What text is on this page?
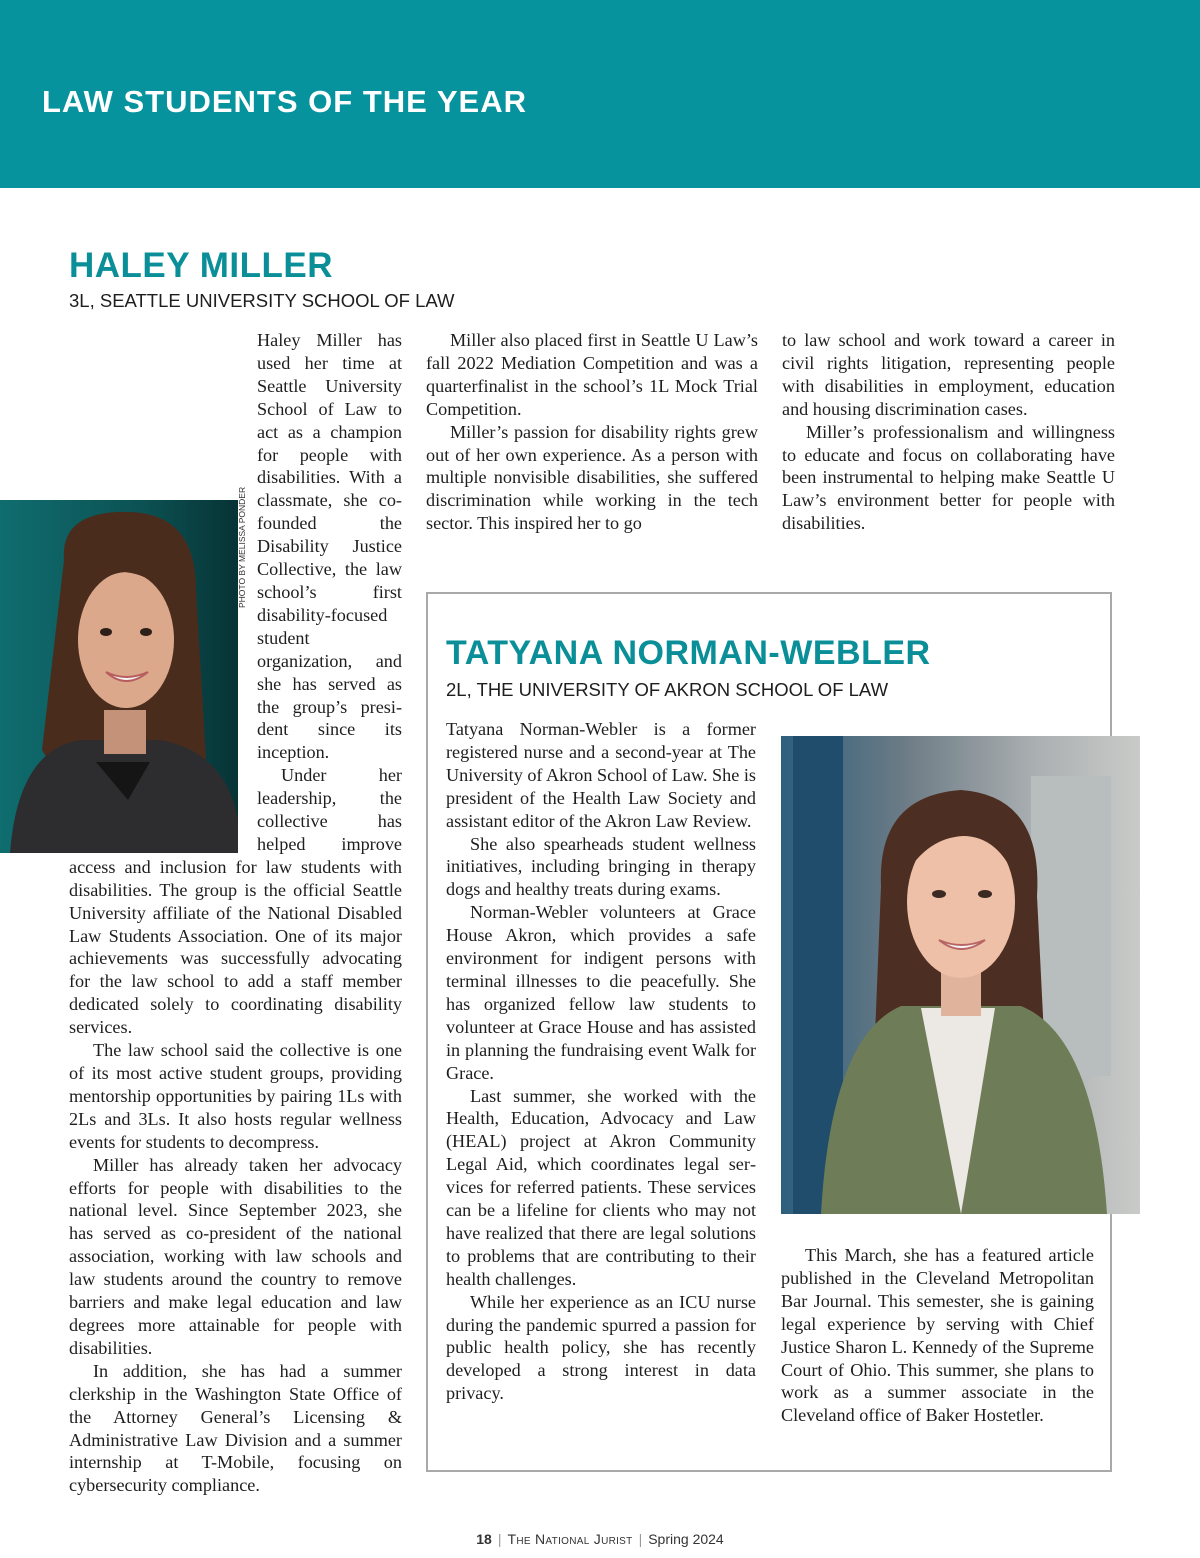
LAW STUDENTS OF THE YEAR
HALEY MILLER
3L, SEATTLE UNIVERSITY SCHOOL OF LAW

Haley Miller has used her time at Seattle University School of Law to act as a champion for people with disabilities. With a classmate, she co-founded the Disability Justice Collective, the law school’s first disability-focused student organization, and she has served as the group’s president since its inception.

Under her leadership, the collective has helped improve access and inclusion for law students with disabilities. The group is the official Seattle University affiliate of the National Disabled Law Students Association. One of its major achievements was successfully advocating for the law school to add a staff member dedicated solely to coordinating disability services.

The law school said the collective is one of its most active student groups, providing mentorship opportunities by pairing 1Ls with 2Ls and 3Ls. It also hosts regular wellness events for students to decompress.

Miller has already taken her advocacy efforts for people with disabilities to the national level. Since September 2023, she has served as co-president of the national association, working with law schools and law students around the country to remove barriers and make legal education and law degrees more attainable for people with disabilities.

In addition, she has had a summer clerkship in the Washington State Office of the Attorney General’s Licensing & Administrative Law Division and a summer internship at T-Mobile, focusing on cybersecurity compliance.

Miller also placed first in Seattle U Law’s fall 2022 Mediation Competition and was a quarterfinalist in the school’s 1L Mock Trial Competition.

Miller’s passion for disability rights grew out of her own experience. As a person with multiple nonvisible disabilities, she suffered discrimination while working in the tech sector. This inspired her to go

to law school and work toward a career in civil rights litigation, representing people with disabilities in employment, education and housing discrimination cases.

Miller’s professionalism and willingness to educate and focus on collaborating have been instrumental to helping make Seattle U Law’s environment better for people with disabilities.

PHOTO BY MELISSA PONDER
TATYANA NORMAN-WEBLER
2L, THE UNIVERSITY OF AKRON SCHOOL OF LAW

Tatyana Norman-Webler is a former registered nurse and a second-year at The University of Akron School of Law. She is president of the Health Law Society and assistant editor of the Akron Law Review.

She also spearheads student wellness initiatives, including bringing in therapy dogs and healthy treats during exams.

Norman-Webler volunteers at Grace House Akron, which provides a safe environment for indigent persons with terminal illnesses to die peacefully. She has organized fellow law students to volunteer at Grace House and has assisted in planning the fundraising event Walk for Grace.

Last summer, she worked with the Health, Education, Advocacy and Law (HEAL) project at Akron Community Legal Aid, which coordinates legal services for referred patients. These services can be a lifeline for clients who may not have realized that there are legal solutions to problems that are contributing to their health challenges.

While her experience as an ICU nurse during the pandemic spurred a passion for public health policy, she has recently developed a strong interest in data privacy.

This March, she has a featured article published in the Cleveland Metropolitan Bar Journal. This semester, she is gaining legal experience by serving with Chief Justice Sharon L. Kennedy of the Supreme Court of Ohio. This summer, she plans to work as a summer associate in the Cleveland office of Baker Hostetler.

18 | The National Jurist | Spring 2024
